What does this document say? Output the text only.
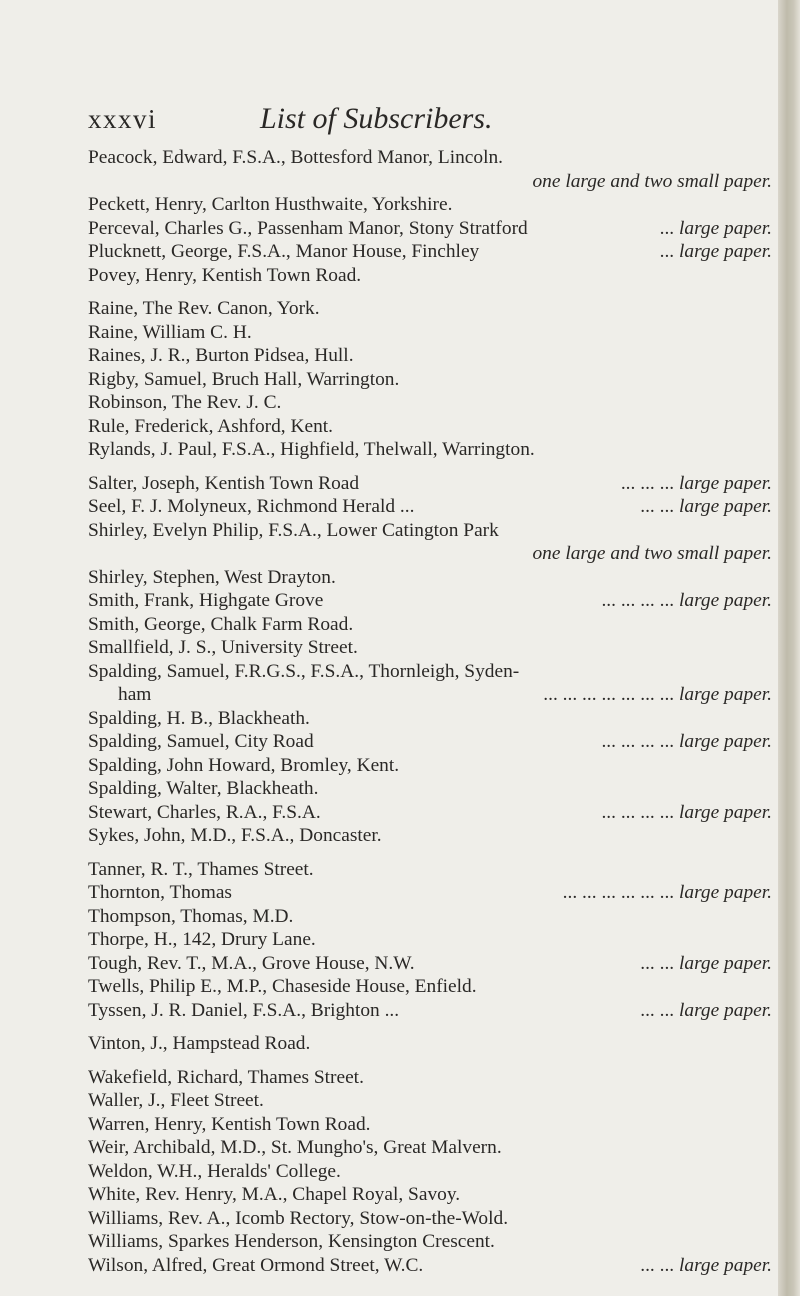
xxxvi	List of Subscribers.
Peacock, Edward, F.S.A., Bottesford Manor, Lincoln.
one large and two small paper.
Peckett, Henry, Carlton Husthwaite, Yorkshire.
Perceval, Charles G., Passenham Manor, Stony Stratford	... large paper.
Plucknett, George, F.S.A., Manor House, Finchley	... large paper.
Povey, Henry, Kentish Town Road.
Raine, The Rev. Canon, York.
Raine, William C. H.
Raines, J. R., Burton Pidsea, Hull.
Rigby, Samuel, Bruch Hall, Warrington.
Robinson, The Rev. J. C.
Rule, Frederick, Ashford, Kent.
Rylands, J. Paul, F.S.A., Highfield, Thelwall, Warrington.
Salter, Joseph, Kentish Town Road	... ... ... large paper.
Seel, F. J. Molyneux, Richmond Herald ...	... ... large paper.
Shirley, Evelyn Philip, F.S.A., Lower Catington Park
one large and two small paper.
Shirley, Stephen, West Drayton.
Smith, Frank, Highgate Grove	... ... ... ... large paper.
Smith, George, Chalk Farm Road.
Smallfield, J. S., University Street.
Spalding, Samuel, F.R.G.S., F.S.A., Thornleigh, Syden-
ham	... ... ... ... ... ... ... large paper.
Spalding, H. B., Blackheath.
Spalding, Samuel, City Road	... ... ... ... large paper.
Spalding, John Howard, Bromley, Kent.
Spalding, Walter, Blackheath.
Stewart, Charles, R.A., F.S.A.	... ... ... ... large paper.
Sykes, John, M.D., F.S.A., Doncaster.
Tanner, R. T., Thames Street.
Thornton, Thomas	... ... ... ... ... ... large paper.
Thompson, Thomas, M.D.
Thorpe, H., 142, Drury Lane.
Tough, Rev. T., M.A., Grove House, N.W.	... ... large paper.
Twells, Philip E., M.P., Chaseside House, Enfield.
Tyssen, J. R. Daniel, F.S.A., Brighton ...	... ... large paper.
Vinton, J., Hampstead Road.
Wakefield, Richard, Thames Street.
Waller, J., Fleet Street.
Warren, Henry, Kentish Town Road.
Weir, Archibald, M.D., St. Mungho's, Great Malvern.
Weldon, W.H., Heralds' College.
White, Rev. Henry, M.A., Chapel Royal, Savoy.
Williams, Rev. A., Icomb Rectory, Stow-on-the-Wold.
Williams, Sparkes Henderson, Kensington Crescent.
Wilson, Alfred, Great Ormond Street, W.C.	... ... large paper.
